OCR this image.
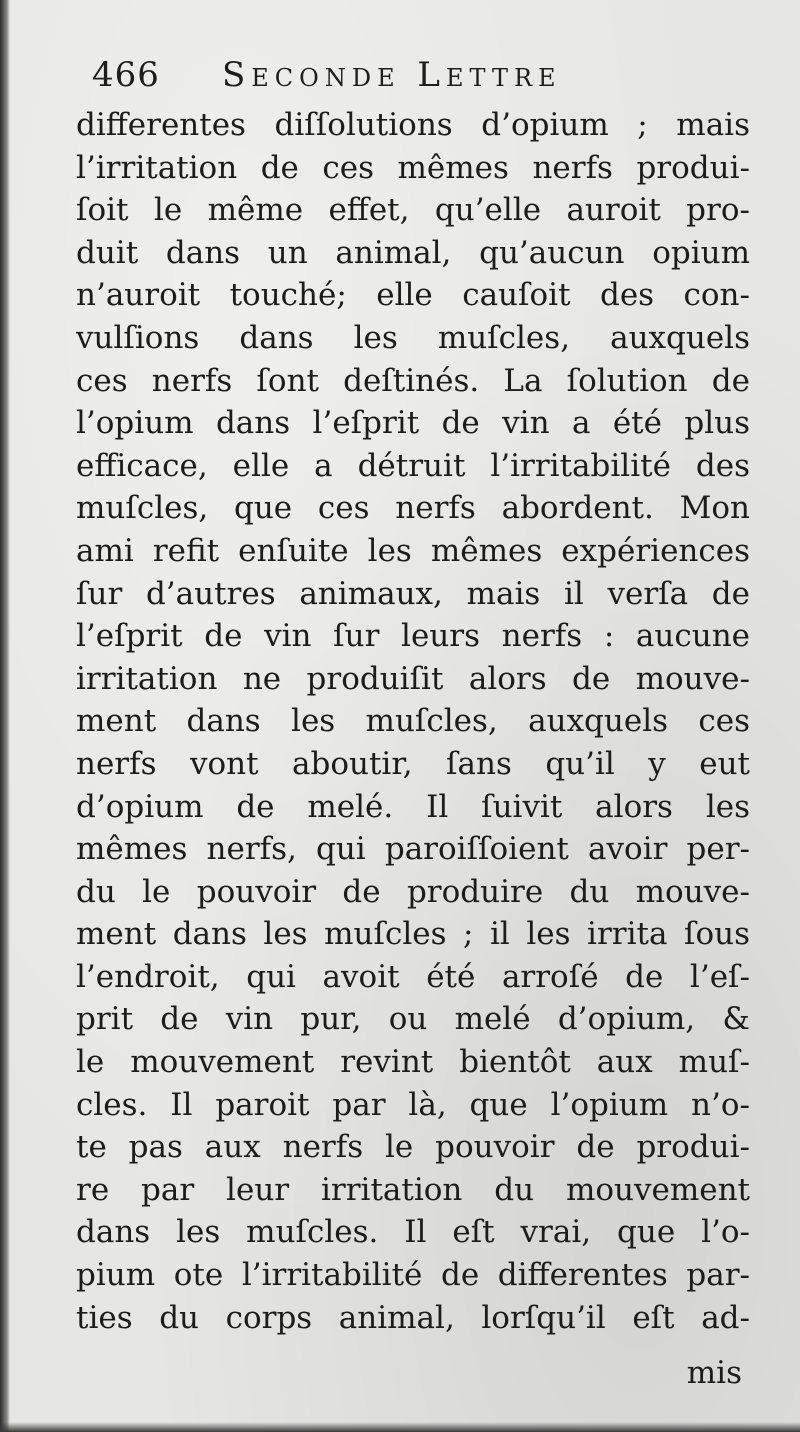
466 Seconde Lettre
differentes diſſolutions d’opium ; mais
l’irritation de ces mêmes nerfs produi-
ſoit le même effet, qu’elle auroit pro-
duit dans un animal, qu’aucun opium
n’auroit touché; elle cauſoit des con-
vulſions dans les muſcles, auxquels
ces nerfs ſont deſtinés. La ſolution de
l’opium dans l’eſprit de vin a été plus
efficace, elle a détruit l’irritabilité des
muſcles, que ces nerfs abordent. Mon
ami refit enſuite les mêmes expériences
ſur d’autres animaux, mais il verſa de
l’eſprit de vin ſur leurs nerfs : aucune
irritation ne produiſit alors de mouve-
ment dans les muſcles, auxquels ces
nerfs vont aboutir, ſans qu’il y eut
d’opium de melé. Il ſuivit alors les
mêmes nerfs, qui paroiſſoient avoir per-
du le pouvoir de produire du mouve-
ment dans les muſcles ; il les irrita ſous
l’endroit, qui avoit été arroſé de l’eſ-
prit de vin pur, ou melé d’opium, &
le mouvement revint bientôt aux muſ-
cles. Il paroit par là, que l’opium n’o-
te pas aux nerfs le pouvoir de produi-
re par leur irritation du mouvement
dans les muſcles. Il eſt vrai, que l’o-
pium ote l’irritabilité de differentes par-
ties du corps animal, lorſqu’il eſt ad-
mis
